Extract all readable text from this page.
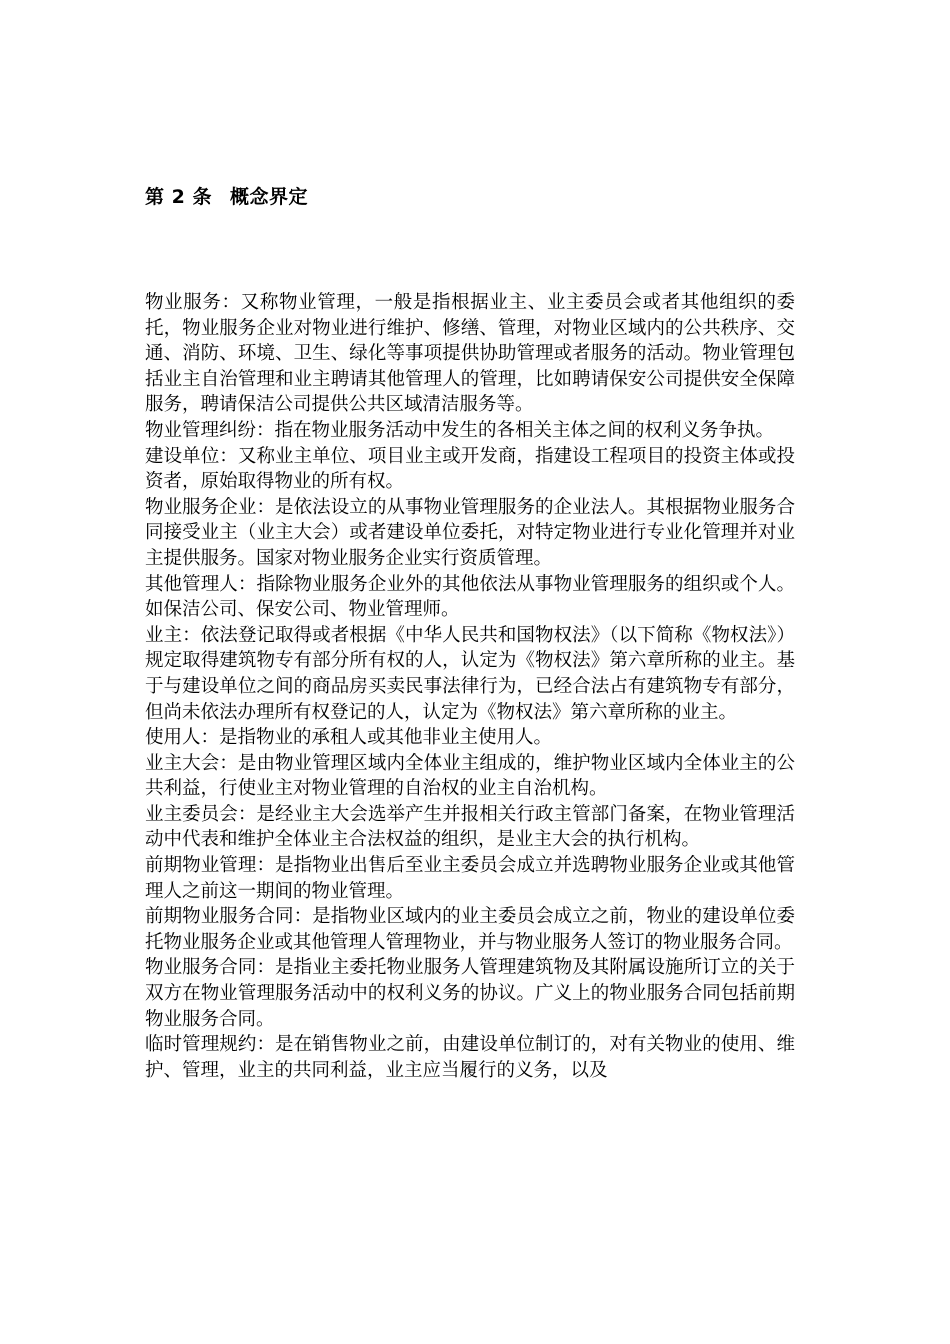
第 2 条 概念界定

物业服务：又称物业管理，一般是指根据业主、业主委员会或者其他组织的委托，物业服务企业对物业进行维护、修缮、管理，对物业区域内的公共秩序、交通、消防、环境、卫生、绿化等事项提供协助管理或者服务的活动。物业管理包括业主自治管理和业主聘请其他管理人的管理，比如聘请保安公司提供安全保障服务，聘请保洁公司提供公共区域清洁服务等。

物业管理纠纷：指在物业服务活动中发生的各相关主体之间的权利义务争执。

建设单位：又称业主单位、项目业主或开发商，指建设工程项目的投资主体或投资者，原始取得物业的所有权。

物业服务企业：是依法设立的从事物业管理服务的企业法人。其根据物业服务合同接受业主（业主大会）或者建设单位委托，对特定物业进行专业化管理并对业主提供服务。国家对物业服务企业实行资质管理。

其他管理人：指除物业服务企业外的其他依法从事物业管理服务的组织或个人。如保洁公司、保安公司、物业管理师。

业主：依法登记取得或者根据《中华人民共和国物权法》（以下简称《物权法》）规定取得建筑物专有部分所有权的人，认定为《物权法》第六章所称的业主。基于与建设单位之间的商品房买卖民事法律行为，已经合法占有建筑物专有部分，但尚未依法办理所有权登记的人，认定为《物权法》第六章所称的业主。

使用人：是指物业的承租人或其他非业主使用人。

业主大会：是由物业管理区域内全体业主组成的，维护物业区域内全体业主的公共利益，行使业主对物业管理的自治权的业主自治机构。

业主委员会：是经业主大会选举产生并报相关行政主管部门备案，在物业管理活动中代表和维护全体业主合法权益的组织，是业主大会的执行机构。

前期物业管理：是指物业出售后至业主委员会成立并选聘物业服务企业或其他管理人之前这一期间的物业管理。

前期物业服务合同：是指物业区域内的业主委员会成立之前，物业的建设单位委托物业服务企业或其他管理人管理物业，并与物业服务人签订的物业服务合同。

物业服务合同：是指业主委托物业服务人管理建筑物及其附属设施所订立的关于双方在物业管理服务活动中的权利义务的协议。广义上的物业服务合同包括前期物业服务合同。

临时管理规约：是在销售物业之前，由建设单位制订的，对有关物业的使用、维护、管理，业主的共同利益，业主应当履行的义务，以及
